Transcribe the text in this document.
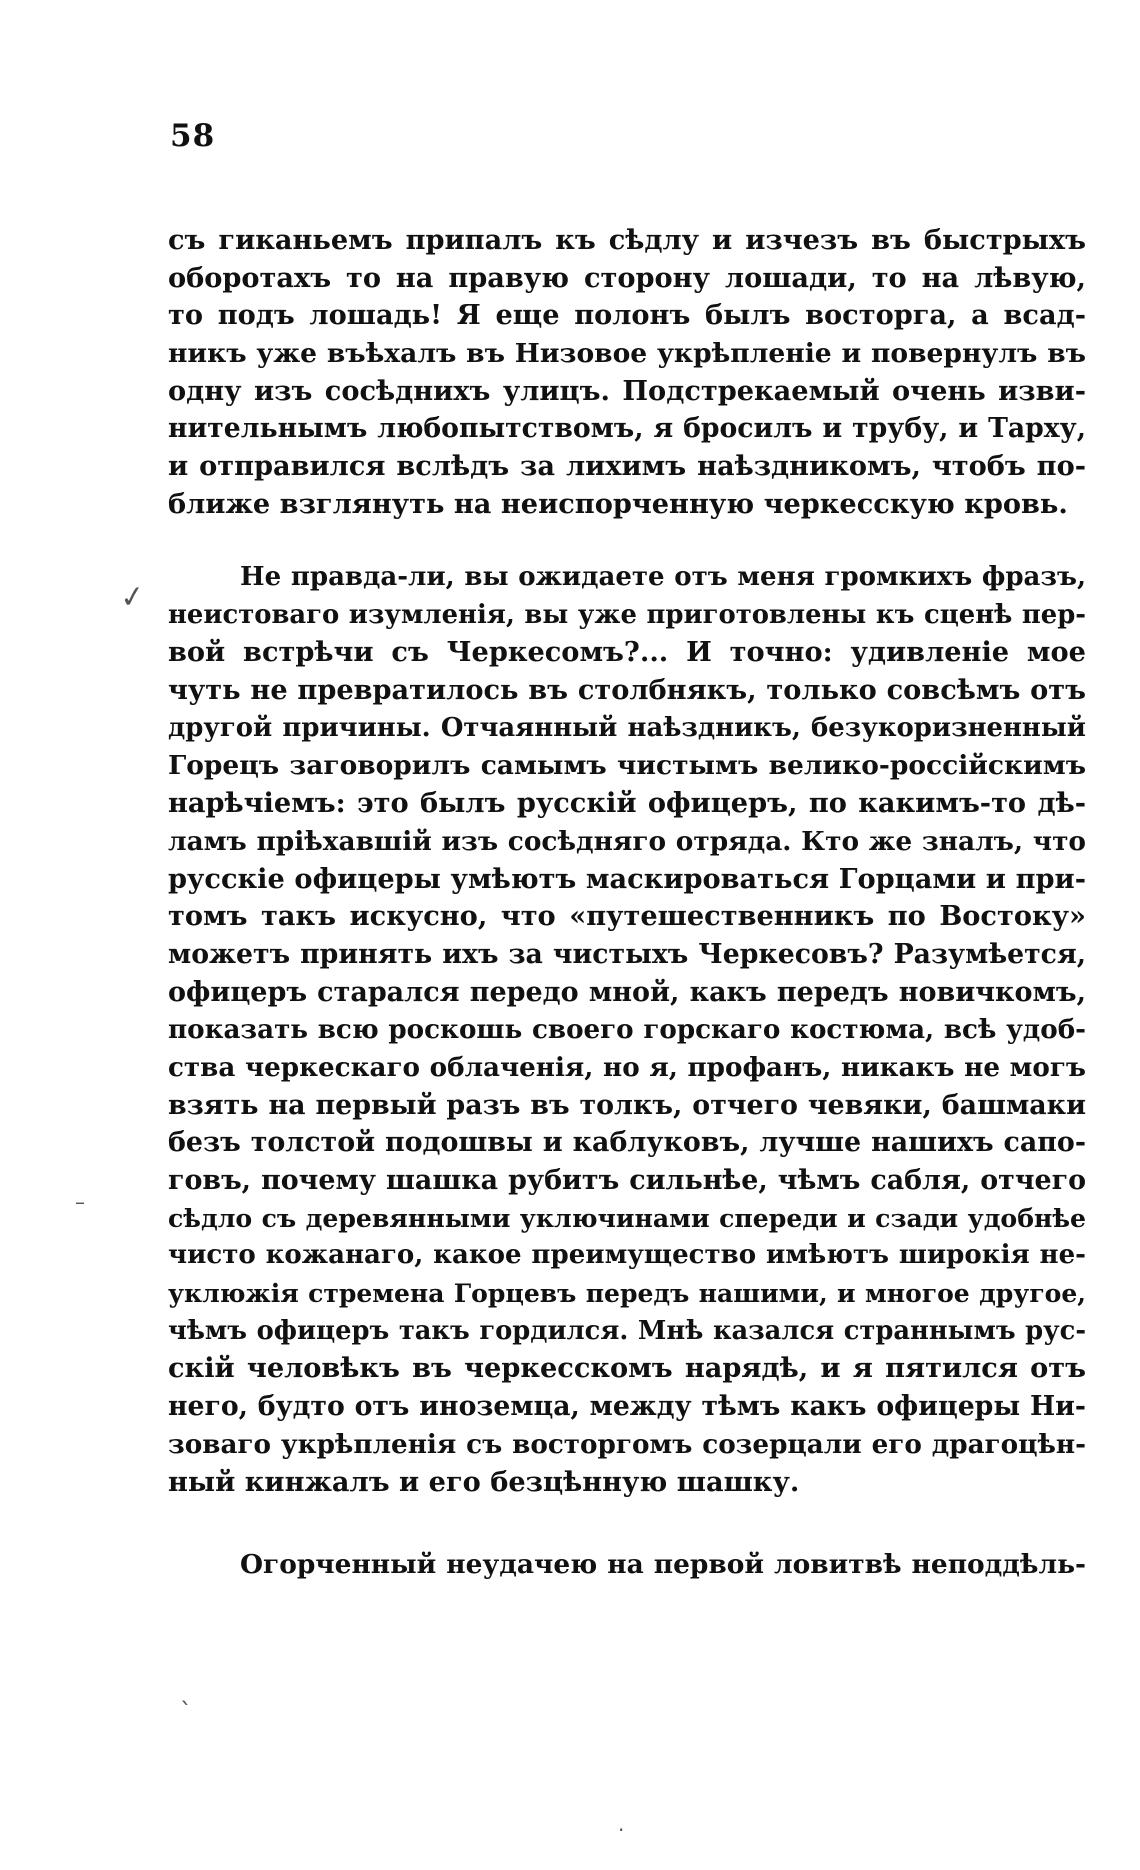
58
съ гиканьемъ припалъ къ сѣдлу и изчезъ въ быстрыхъ
оборотахъ то на правую сторону лошади, то на лѣвую,
то подъ лошадь! Я еще полонъ былъ восторга, а всад-
никъ уже въѣхалъ въ Низовое укрѣпленіе и повернулъ въ
одну изъ сосѣднихъ улицъ. Подстрекаемый очень изви-
нительнымъ любопытствомъ, я бросилъ и трубу, и Тарху,
и отправился вслѣдъ за лихимъ наѣздникомъ, чтобъ по-
ближе взглянуть на неиспорченную черкесскую кровь.
Не правда-ли, вы ожидаете отъ меня громкихъ фразъ,
неистоваго изумленія, вы уже приготовлены къ сценѣ пер-
вой встрѣчи съ Черкесомъ?... И точно: удивленіе мое
чуть не превратилось въ столбнякъ, только совсѣмъ отъ
другой причины. Отчаянный наѣздникъ, безукоризненный
Горецъ заговорилъ самымъ чистымъ велико-россійскимъ
нарѣчіемъ: это былъ русскій офицеръ, по какимъ-то дѣ-
ламъ пріѣхавшій изъ сосѣдняго отряда. Кто же зналъ, что
русскіе офицеры умѣютъ маскироваться Горцами и при-
томъ такъ искусно, что «путешественникъ по Востоку»
можетъ принять ихъ за чистыхъ Черкесовъ? Разумѣется,
офицеръ старался передо мной, какъ передъ новичкомъ,
показать всю роскошь своего горскаго костюма, всѣ удоб-
ства черкескаго облаченія, но я, профанъ, никакъ не могъ
взять на первый разъ въ толкъ, отчего чевяки, башмаки
безъ толстой подошвы и каблуковъ, лучше нашихъ сапо-
говъ, почему шашка рубитъ сильнѣе, чѣмъ сабля, отчего
сѣдло съ деревянными уключинами спереди и сзади удобнѣе
чисто кожанаго, какое преимущество имѣютъ широкія не-
уклюжія стремена Горцевъ передъ нашими, и многое другое,
чѣмъ офицеръ такъ гордился. Мнѣ казался страннымъ рус-
скій человѣкъ въ черкесскомъ нарядѣ, и я пятился отъ
него, будто отъ иноземца, между тѣмъ какъ офицеры Ни-
зоваго укрѣпленія съ восторгомъ созерцали его драгоцѣн-
ный кинжалъ и его безцѣнную шашку.
Огорченный неудачею на первой ловитвѣ неподдѣль-
✓
–
ˋ
·
